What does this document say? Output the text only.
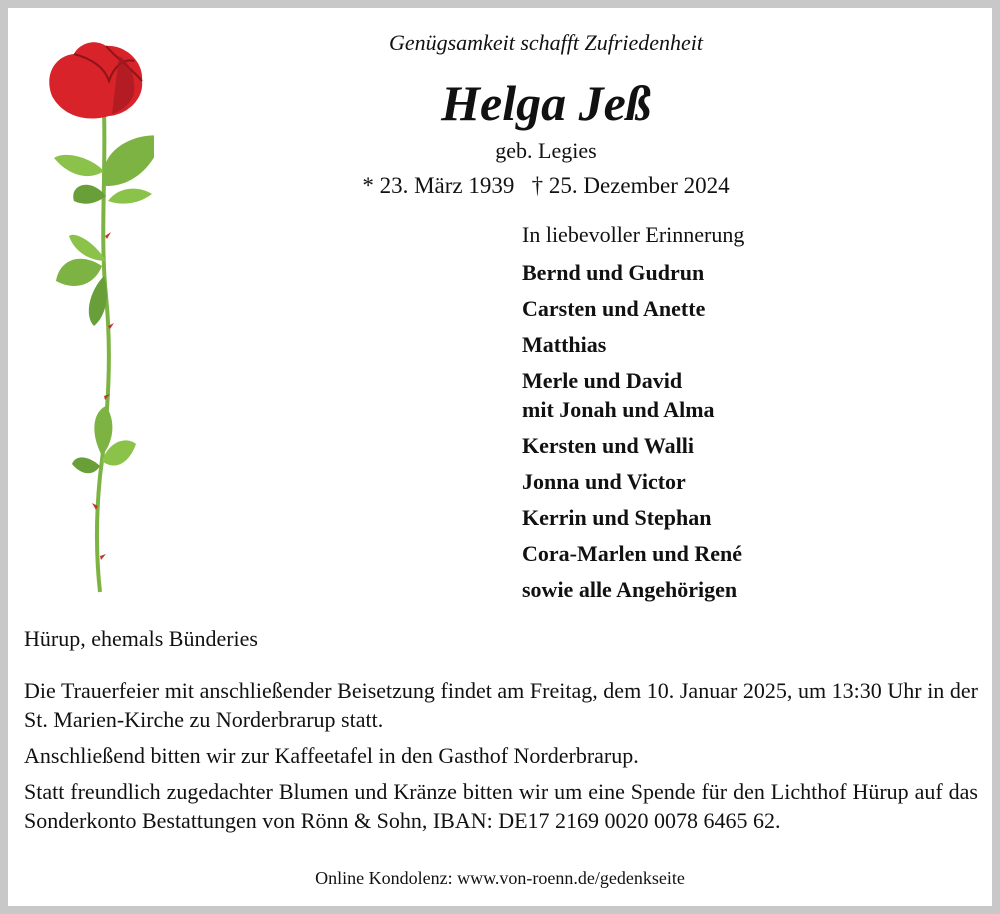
Genügsamkeit schafft Zufriedenheit
Helga Jeß
geb. Legies
* 23. März 1939 † 25. Dezember 2024
In liebevoller Erinnerung
Bernd und Gudrun
Carsten und Anette
Matthias
Merle und David
mit Jonah und Alma
Kersten und Walli
Jonna und Victor
Kerrin und Stephan
Cora-Marlen und René
sowie alle Angehörigen
Hürup, ehemals Bünderies

Die Trauerfeier mit anschließender Beisetzung findet am Freitag, dem 10. Januar 2025, um 13:30 Uhr in der St. Marien-Kirche zu Norderbrarup statt.

Anschließend bitten wir zur Kaffeetafel in den Gasthof Norderbrarup.

Statt freundlich zugedachter Blumen und Kränze bitten wir um eine Spende für den Lichthof Hürup auf das Sonderkonto Bestattungen von Rönn & Sohn, IBAN: DE17 2169 0020 0078 6465 62.

Online Kondolenz: www.von-roenn.de/gedenkseite
